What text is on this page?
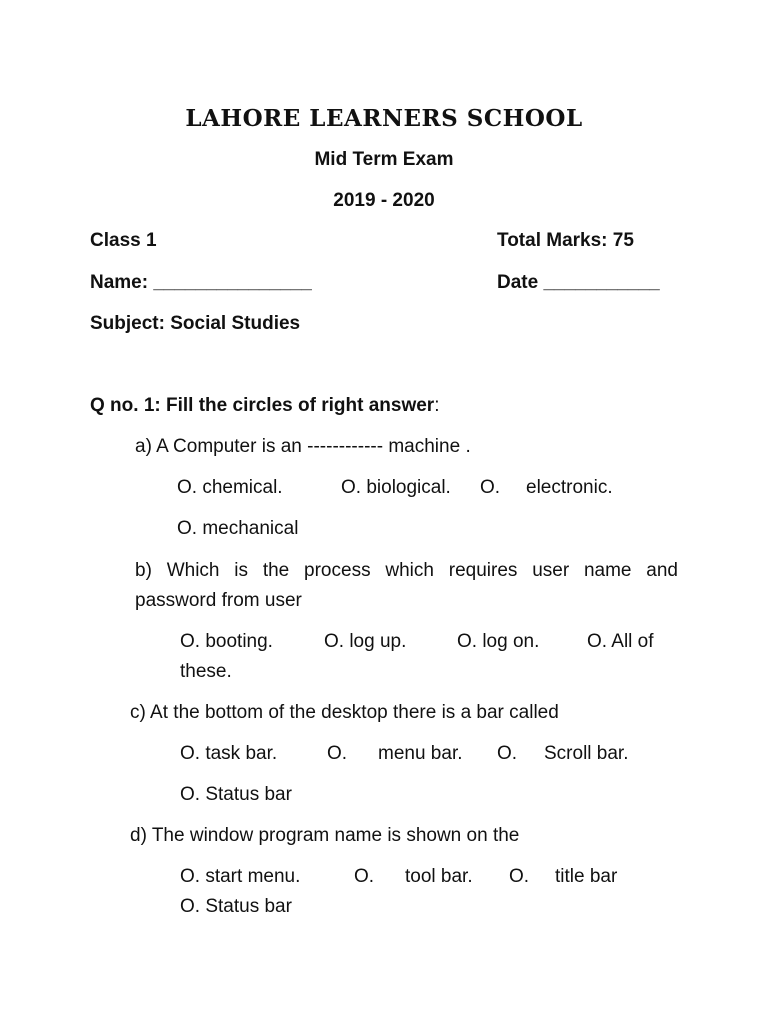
LAHORE LEARNERS SCHOOL
Mid Term Exam
2019 - 2020
Class 1	Total Marks: 75
Name: _______________	Date ___________
Subject: Social Studies
Q no. 1: Fill the circles of right answer:
a) A Computer is an ------------ machine .
O. chemical.	O. biological. O. electronic.
O. mechanical
b) Which is the process which requires user name and
password from user
O. booting.	O. log up.	O. log on.	O. All of
these.
c) At the bottom of the desktop there is a bar called
O. task bar.	O. menu bar. O. Scroll bar.
O. Status bar
d) The window program name is shown on the
O. start menu.	O. tool bar. O. title bar
O. Status bar
